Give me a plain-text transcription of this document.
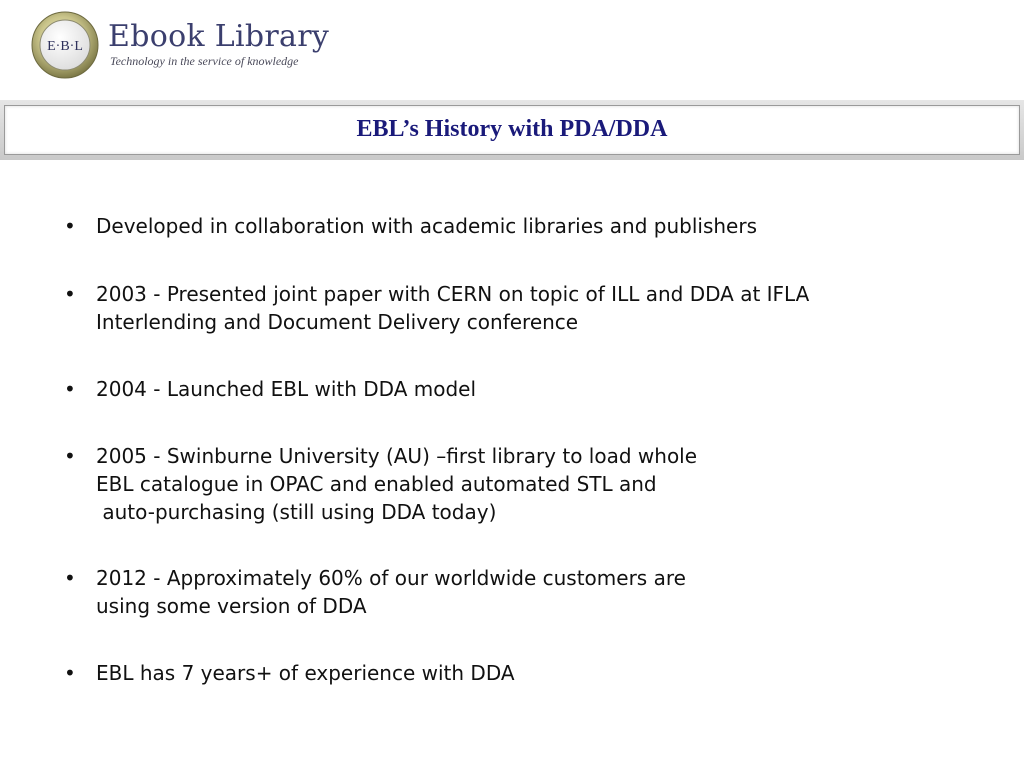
E·B·L Ebook Library
Technology in the service of knowledge
EBL’s History with PDA/DDA
• Developed in collaboration with academic libraries and publishers
• 2003 - Presented joint paper with CERN on topic of ILL and DDA at IFLA
Interlending and Document Delivery conference
• 2004 - Launched EBL with DDA model
• 2005 - Swinburne University (AU) –first library to load whole
EBL catalogue in OPAC and enabled automated STL and
auto-purchasing (still using DDA today)
• 2012 - Approximately 60% of our worldwide customers are
using some version of DDA
• EBL has 7 years+ of experience with DDA
